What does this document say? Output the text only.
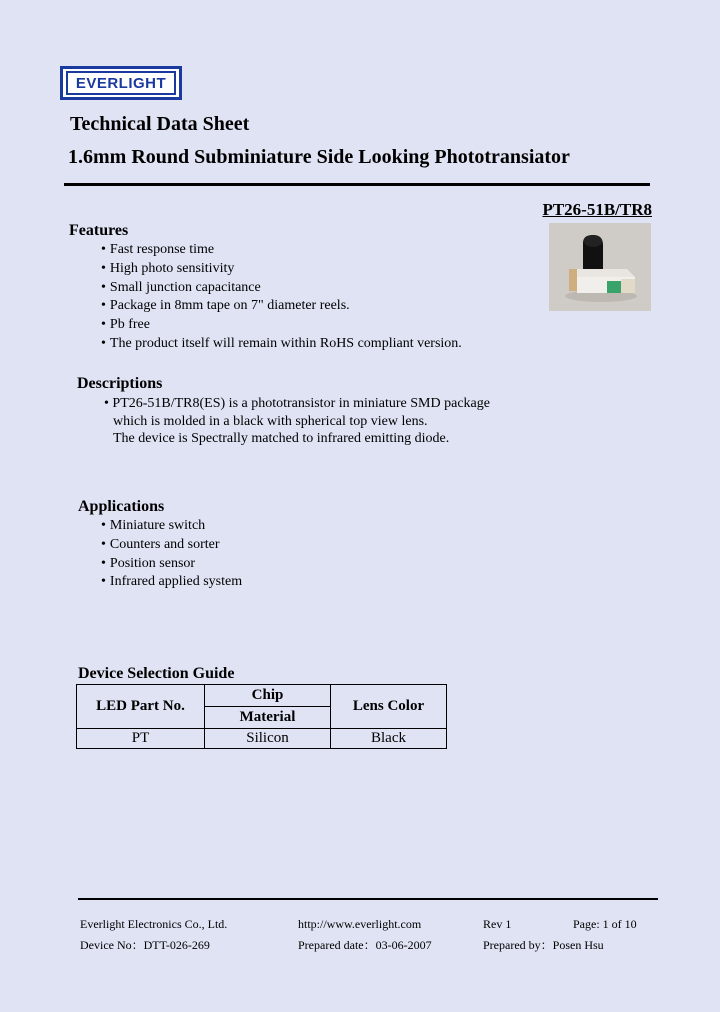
EVERLIGHT
Technical Data Sheet
1.6mm Round Subminiature Side Looking Phototransiator
PT26-51B/TR8
Features
• Fast response time
• High photo sensitivity
• Small junction capacitance
• Package in 8mm tape on 7" diameter reels.
• Pb free
• The product itself will remain within RoHS compliant version.
Descriptions
• PT26-51B/TR8(ES) is a phototransistor in miniature SMD package
which is molded in a black with spherical top view lens.
The device is Spectrally matched to infrared emitting diode.
Applications
• Miniature switch
• Counters and sorter
• Position sensor
• Infrared applied system
Device Selection Guide
LED Part No.	Chip	Lens Color
	Material	
PT	Silicon	Black
Everlight Electronics Co., Ltd.	http://www.everlight.com	Rev 1	Page: 1 of 10
Device No：DTT-026-269	Prepared date：03-06-2007	Prepared by：Posen Hsu
